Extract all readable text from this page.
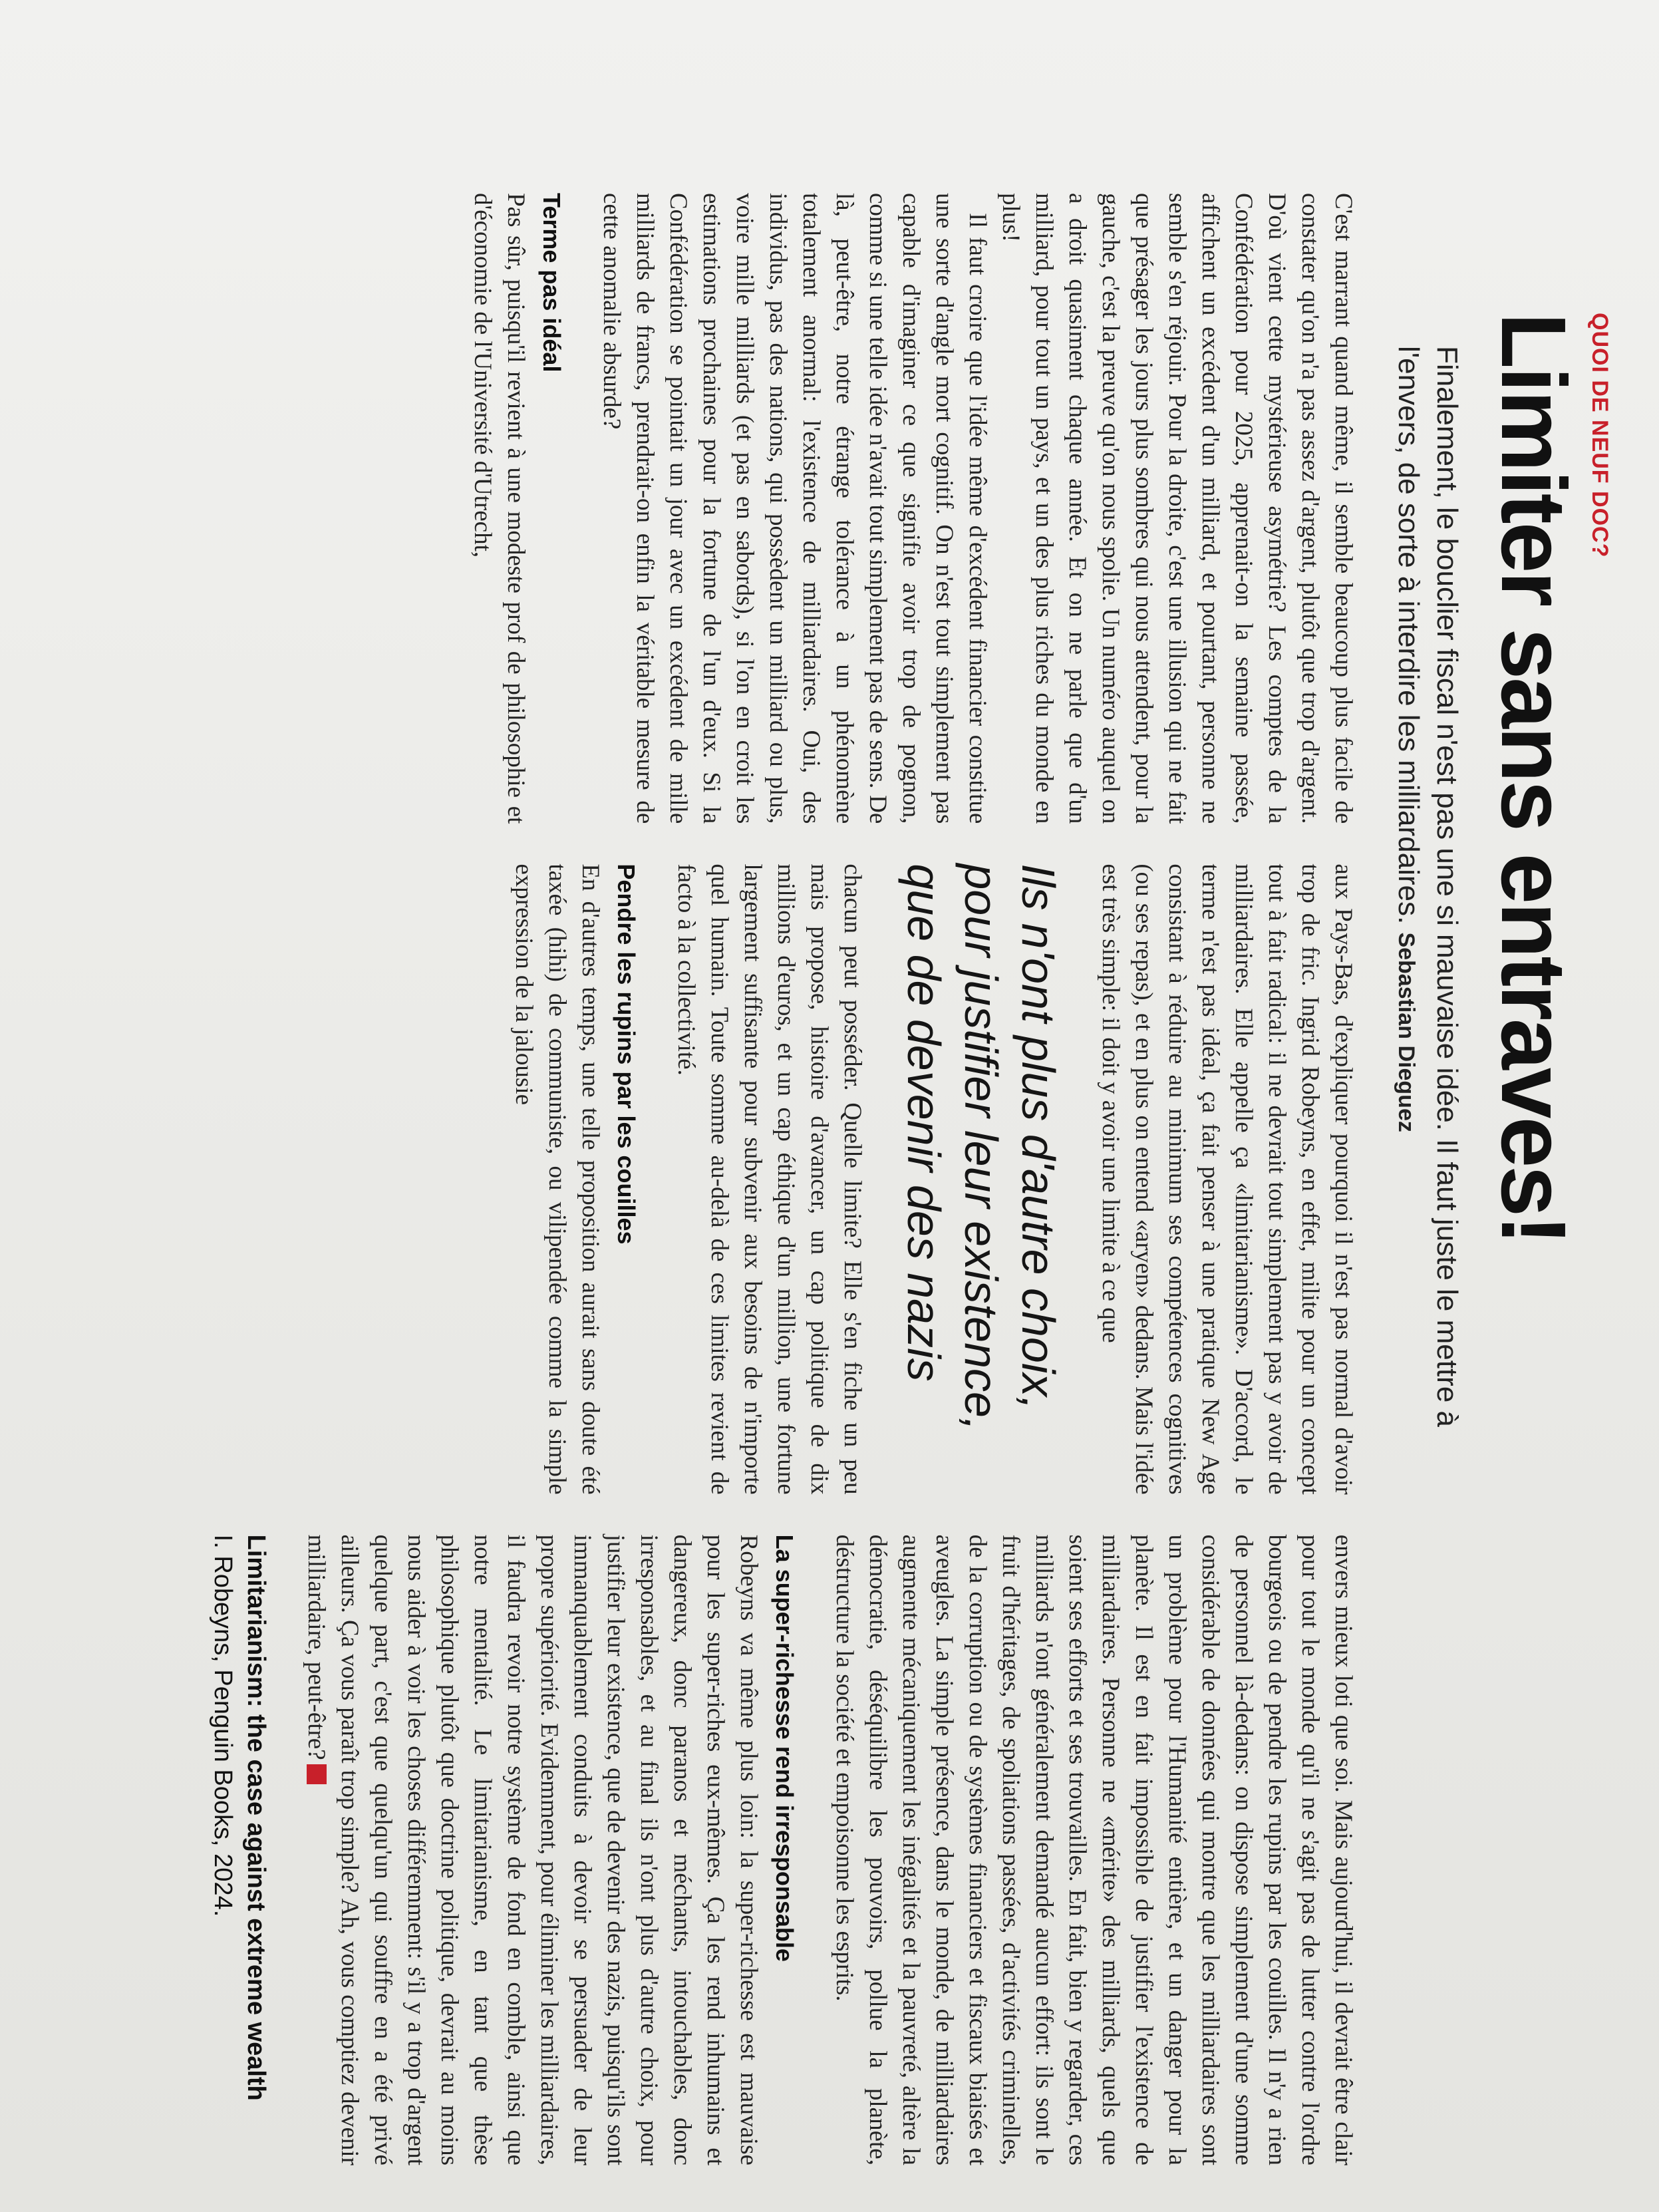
QUOI DE NEUF DOC?
Limiter sans entraves!
Finalement, le bouclier fiscal n'est pas une si mauvaise idée. Il faut juste le mettre à l'envers, de sorte à interdire les milliardaires. Sebastian Dieguez

C'est marrant quand même, il semble beaucoup plus facile de constater qu'on n'a pas assez d'argent, plutôt que trop d'argent. D'où vient cette mystérieuse asymétrie? Les comptes de la Confédération pour 2025, apprenait-on la semaine passée, affichent un excédent d'un milliard, et pourtant, personne ne semble s'en réjouir. Pour la droite, c'est une illusion qui ne fait que présager les jours plus sombres qui nous attendent, pour la gauche, c'est la preuve qu'on nous spolie. Un numéro auquel on a droit quasiment chaque année. Et on ne parle que d'un milliard, pour tout un pays, et un des plus riches du monde en plus!

Il faut croire que l'idée même d'excédent financier constitue une sorte d'angle mort cognitif. On n'est tout simplement pas capable d'imaginer ce que signifie avoir trop de pognon, comme si une telle idée n'avait tout simplement pas de sens. De là, peut-être, notre étrange tolérance à un phénomène totalement anormal: l'existence de milliardaires. Oui, des individus, pas des nations, qui possèdent un milliard ou plus, voire mille milliards (et pas en sabords), si l'on en croit les estimations prochaines pour la fortune de l'un d'eux. Si la Confédération se pointait un jour avec un excédent de mille milliards de francs, prendrait-on enfin la véritable mesure de cette anomalie absurde?

Terme pas idéal

Pas sûr, puisqu'il revient à une modeste prof de philosophie et d'économie de l'Université d'Utrecht,

aux Pays-Bas, d'expliquer pourquoi il n'est pas normal d'avoir trop de fric. Ingrid Robeyns, en effet, milite pour un concept tout à fait radical: il ne devrait tout simplement pas y avoir de milliardaires. Elle appelle ça «limitarianisme». D'accord, le terme n'est pas idéal, ça fait penser à une pratique New Age consistant à réduire au minimum ses compétences cognitives (ou ses repas), et en plus on entend «aryen» dedans. Mais l'idée est très simple: il doit y avoir une limite à ce que

Ils n'ont plus d'autre choix, pour justifier leur existence, que de devenir des nazis

chacun peut posséder. Quelle limite? Elle s'en fiche un peu mais propose, histoire d'avancer, un cap politique de dix millions d'euros, et un cap éthique d'un million, une fortune largement suffisante pour subvenir aux besoins de n'importe quel humain. Toute somme au-delà de ces limites revient de facto à la collectivité.

Pendre les rupins par les couilles

En d'autres temps, une telle proposition aurait sans doute été taxée (hihi) de communiste, ou vilipendée comme la simple expression de la jalousie

envers mieux loti que soi. Mais aujourd'hui, il devrait être clair pour tout le monde qu'il ne s'agit pas de lutter contre l'ordre bourgeois ou de pendre les rupins par les couilles. Il n'y a rien de personnel là-dedans: on dispose simplement d'une somme considérable de données qui montre que les milliardaires sont un problème pour l'Humanité entière, et un danger pour la planète. Il est en fait impossible de justifier l'existence de milliardaires. Personne ne «mérite» des milliards, quels que soient ses efforts et ses trouvailles. En fait, bien y regarder, ces milliards n'ont généralement demandé aucun effort: ils sont le fruit d'héritages, de spoliations passées, d'activités criminelles, de la corruption ou de systèmes financiers et fiscaux biaisés et aveugles. La simple présence, dans le monde, de milliardaires augmente mécaniquement les inégalités et la pauvreté, altère la démocratie, déséquilibre les pouvoirs, pollue la planète, déstructure la société et empoisonne les esprits.

La super-richesse rend irresponsable

Robeyns va même plus loin: la super-richesse est mauvaise pour les super-riches eux-mêmes. Ça les rend inhumains et dangereux, donc paranos et méchants, intouchables, donc irresponsables, et au final ils n'ont plus d'autre choix, pour justifier leur existence, que de devenir des nazis, puisqu'ils sont immanquablement conduits à devoir se persuader de leur propre supériorité. Evidemment, pour éliminer les milliardaires, il faudra revoir notre système de fond en comble, ainsi que notre mentalité. Le limitarianisme, en tant que thèse philosophique plutôt que doctrine politique, devrait au moins nous aider à voir les choses différemment: s'il y a trop d'argent quelque part, c'est que quelqu'un qui souffre en a été privé ailleurs. Ça vous paraît trop simple? Ah, vous comptiez devenir milliardaire, peut-être?

Limitarianism: the case against extreme wealth
I. Robeyns, Penguin Books, 2024.
